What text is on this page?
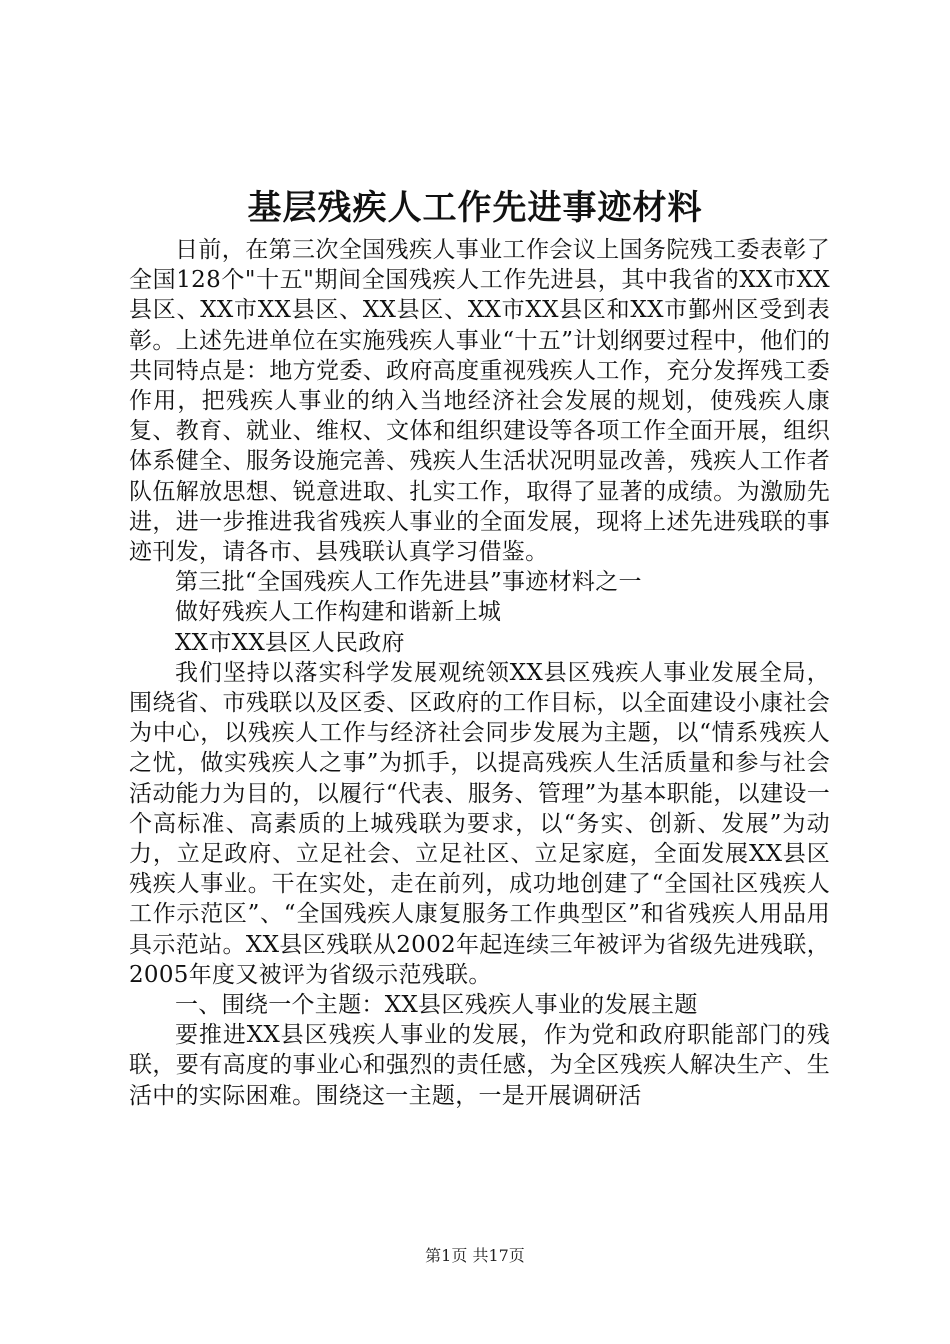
基层残疾人工作先进事迹材料

日前，在第三次全国残疾人事业工作会议上国务院残工委表彰了全国128个"十五"期间全国残疾人工作先进县，其中我省的XX市XX县区、XX市XX县区、XX县区、XX市XX县区和XX市鄞州区受到表彰。上述先进单位在实施残疾人事业“十五”计划纲要过程中，他们的共同特点是：地方党委、政府高度重视残疾人工作，充分发挥残工委作用，把残疾人事业的纳入当地经济社会发展的规划，使残疾人康复、教育、就业、维权、文体和组织建设等各项工作全面开展，组织体系健全、服务设施完善、残疾人生活状况明显改善，残疾人工作者队伍解放思想、锐意进取、扎实工作，取得了显著的成绩。为激励先进，进一步推进我省残疾人事业的全面发展，现将上述先进残联的事迹刊发，请各市、县残联认真学习借鉴。

第三批“全国残疾人工作先进县”事迹材料之一

做好残疾人工作构建和谐新上城

XX市XX县区人民政府

我们坚持以落实科学发展观统领XX县区残疾人事业发展全局，围绕省、市残联以及区委、区政府的工作目标，以全面建设小康社会为中心，以残疾人工作与经济社会同步发展为主题，以“情系残疾人之忧，做实残疾人之事”为抓手，以提高残疾人生活质量和参与社会活动能力为目的，以履行“代表、服务、管理”为基本职能，以建设一个高标准、高素质的上城残联为要求，以“务实、创新、发展”为动力，立足政府、立足社会、立足社区、立足家庭，全面发展XX县区残疾人事业。干在实处，走在前列，成功地创建了“全国社区残疾人工作示范区”、“全国残疾人康复服务工作典型区”和省残疾人用品用具示范站。XX县区残联从2002年起连续三年被评为省级先进残联，2005年度又被评为省级示范残联。

一、围绕一个主题：XX县区残疾人事业的发展主题

要推进XX县区残疾人事业的发展，作为党和政府职能部门的残联，要有高度的事业心和强烈的责任感，为全区残疾人解决生产、生活中的实际困难。围绕这一主题，一是开展调研活

第1页 共17页
